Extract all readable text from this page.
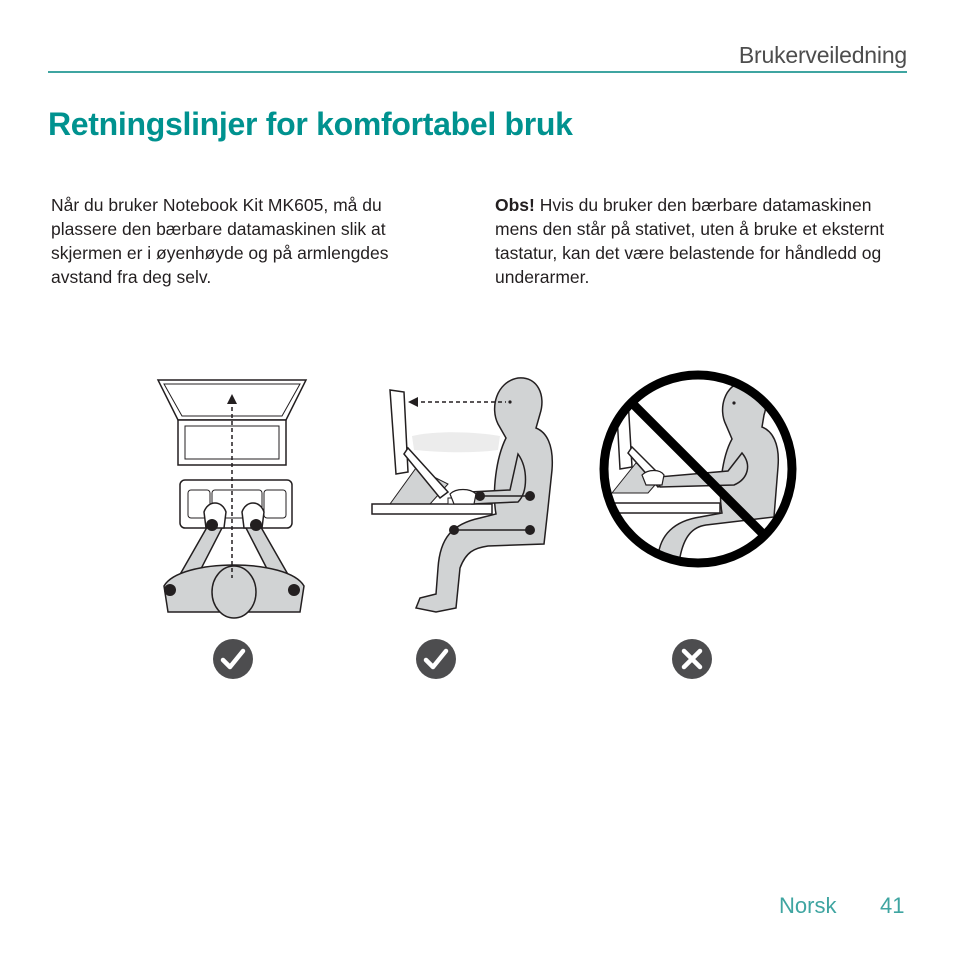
Brukerveiledning
Retningslinjer for komfortabel bruk

Når du bruker Notebook Kit MK605, må du plassere den bærbare datamaskinen slik at skjermen er i øyenhøyde og på armlengdes avstand fra deg selv.

Obs! Hvis du bruker den bærbare datamaskinen mens den står på stativet, uten å bruke et eksternt tastatur, kan det være belastende for håndledd og underarmer.

Norsk 41
